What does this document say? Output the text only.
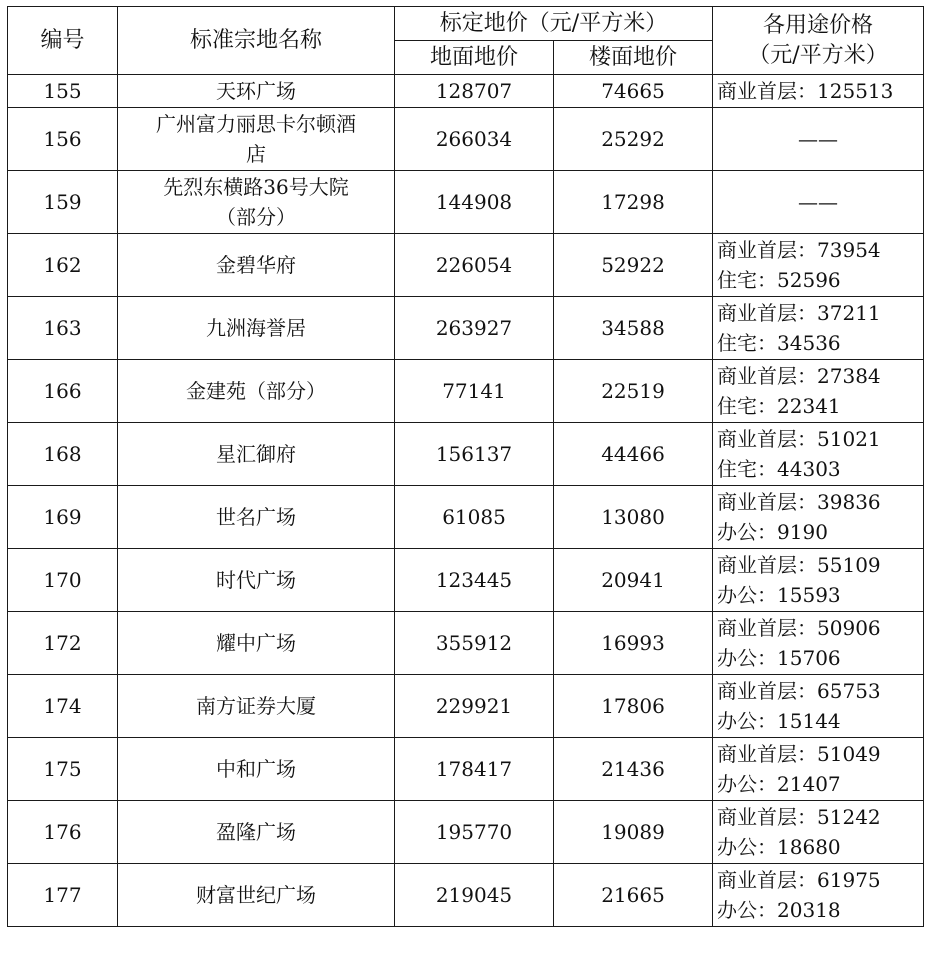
编号	标准宗地名称	标定地价（元/平方米）		各用途价格
（元/平方米）

		地面地价	楼面地价	
155	天环广场	128707	74665	商业首层：125513

156	广州富力丽思卡尔顿酒
店	266034	25292	——

159	先烈东横路36号大院
（部分）	144908	17298	——

162	金碧华府	226054	52922	商业首层：73954
住宅：52596

163	九洲海誉居	263927	34588	商业首层：37211
住宅：34536

166	金建苑（部分）	77141	22519	商业首层：27384
住宅：22341

168	星汇御府	156137	44466	商业首层：51021
住宅：44303

169	世名广场	61085	13080	商业首层：39836
办公：9190

170	时代广场	123445	20941	商业首层：55109
办公：15593

172	耀中广场	355912	16993	商业首层：50906
办公：15706

174	南方证券大厦	229921	17806	商业首层：65753
办公：15144

175	中和广场	178417	21436	商业首层：51049
办公：21407

176	盈隆广场	195770	19089	商业首层：51242
办公：18680

177	财富世纪广场	219045	21665	商业首层：61975
办公：20318
